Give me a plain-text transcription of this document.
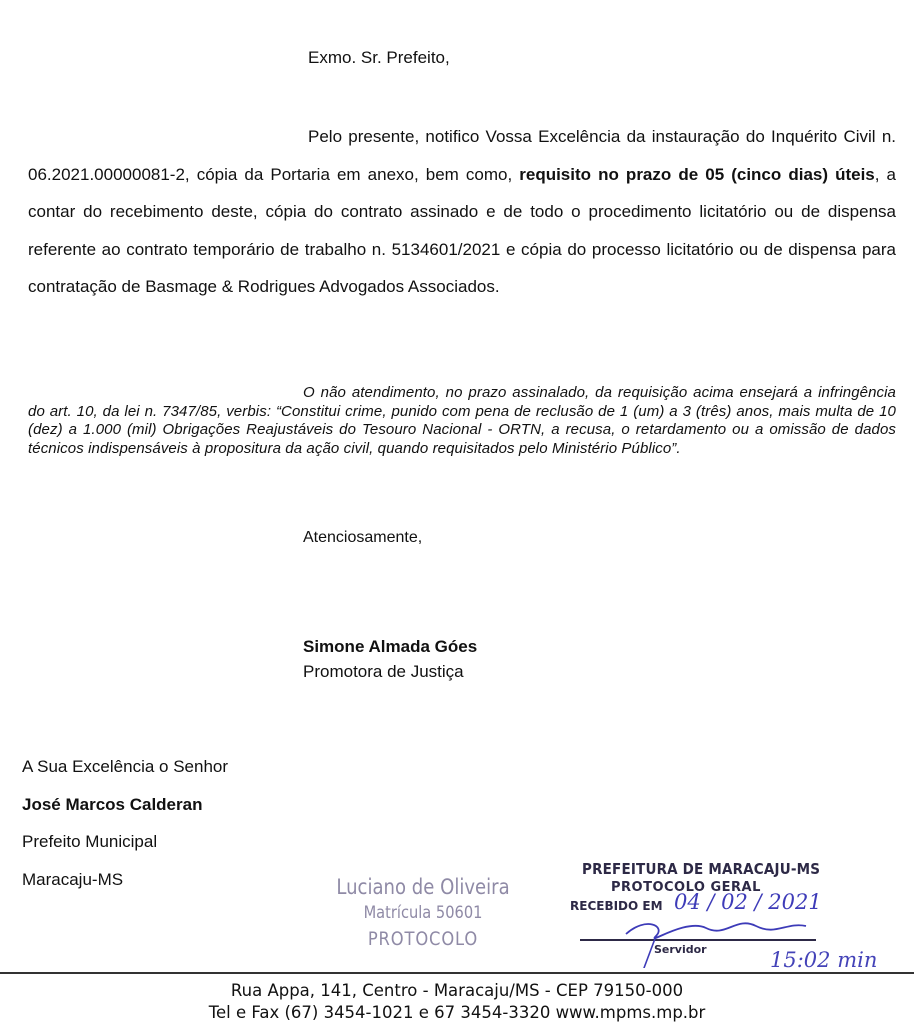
Exmo. Sr. Prefeito,
Pelo presente, notifico Vossa Excelência da instauração do Inquérito Civil n. 06.2021.00000081-2, cópia da Portaria em anexo, bem como, requisito no prazo de 05 (cinco dias) úteis, a contar do recebimento deste, cópia do contrato assinado e de todo o procedimento licitatório ou de dispensa referente ao contrato temporário de trabalho n. 5134601/2021 e cópia do processo licitatório ou de dispensa para contratação de Basmage & Rodrigues Advogados Associados.
O não atendimento, no prazo assinalado, da requisição acima ensejará a infringência do art. 10, da lei n. 7347/85, verbis: “Constitui crime, punido com pena de reclusão de 1 (um) a 3 (três) anos, mais multa de 10 (dez) a 1.000 (mil) Obrigações Reajustáveis do Tesouro Nacional - ORTN, a recusa, o retardamento ou a omissão de dados técnicos indispensáveis à propositura da ação civil, quando requisitados pelo Ministério Público”.
Atenciosamente,
Simone Almada Góes
Promotora de Justiça
A Sua Excelência o Senhor
José Marcos Calderan
Prefeito Municipal
Maracaju-MS	Luciano de Oliveira
Matrícula 50601
PROTOCOLO
PREFEITURA DE MARACAJU-MS
PROTOCOLO GERAL
RECEBIDO EM 04 / 02 / 2021
Servidor	15:02 min
Rua Appa, 141, Centro - Maracaju/MS - CEP 79150-000
Tel e Fax (67) 3454-1021 e 67 3454-3320 www.mpms.mp.br
